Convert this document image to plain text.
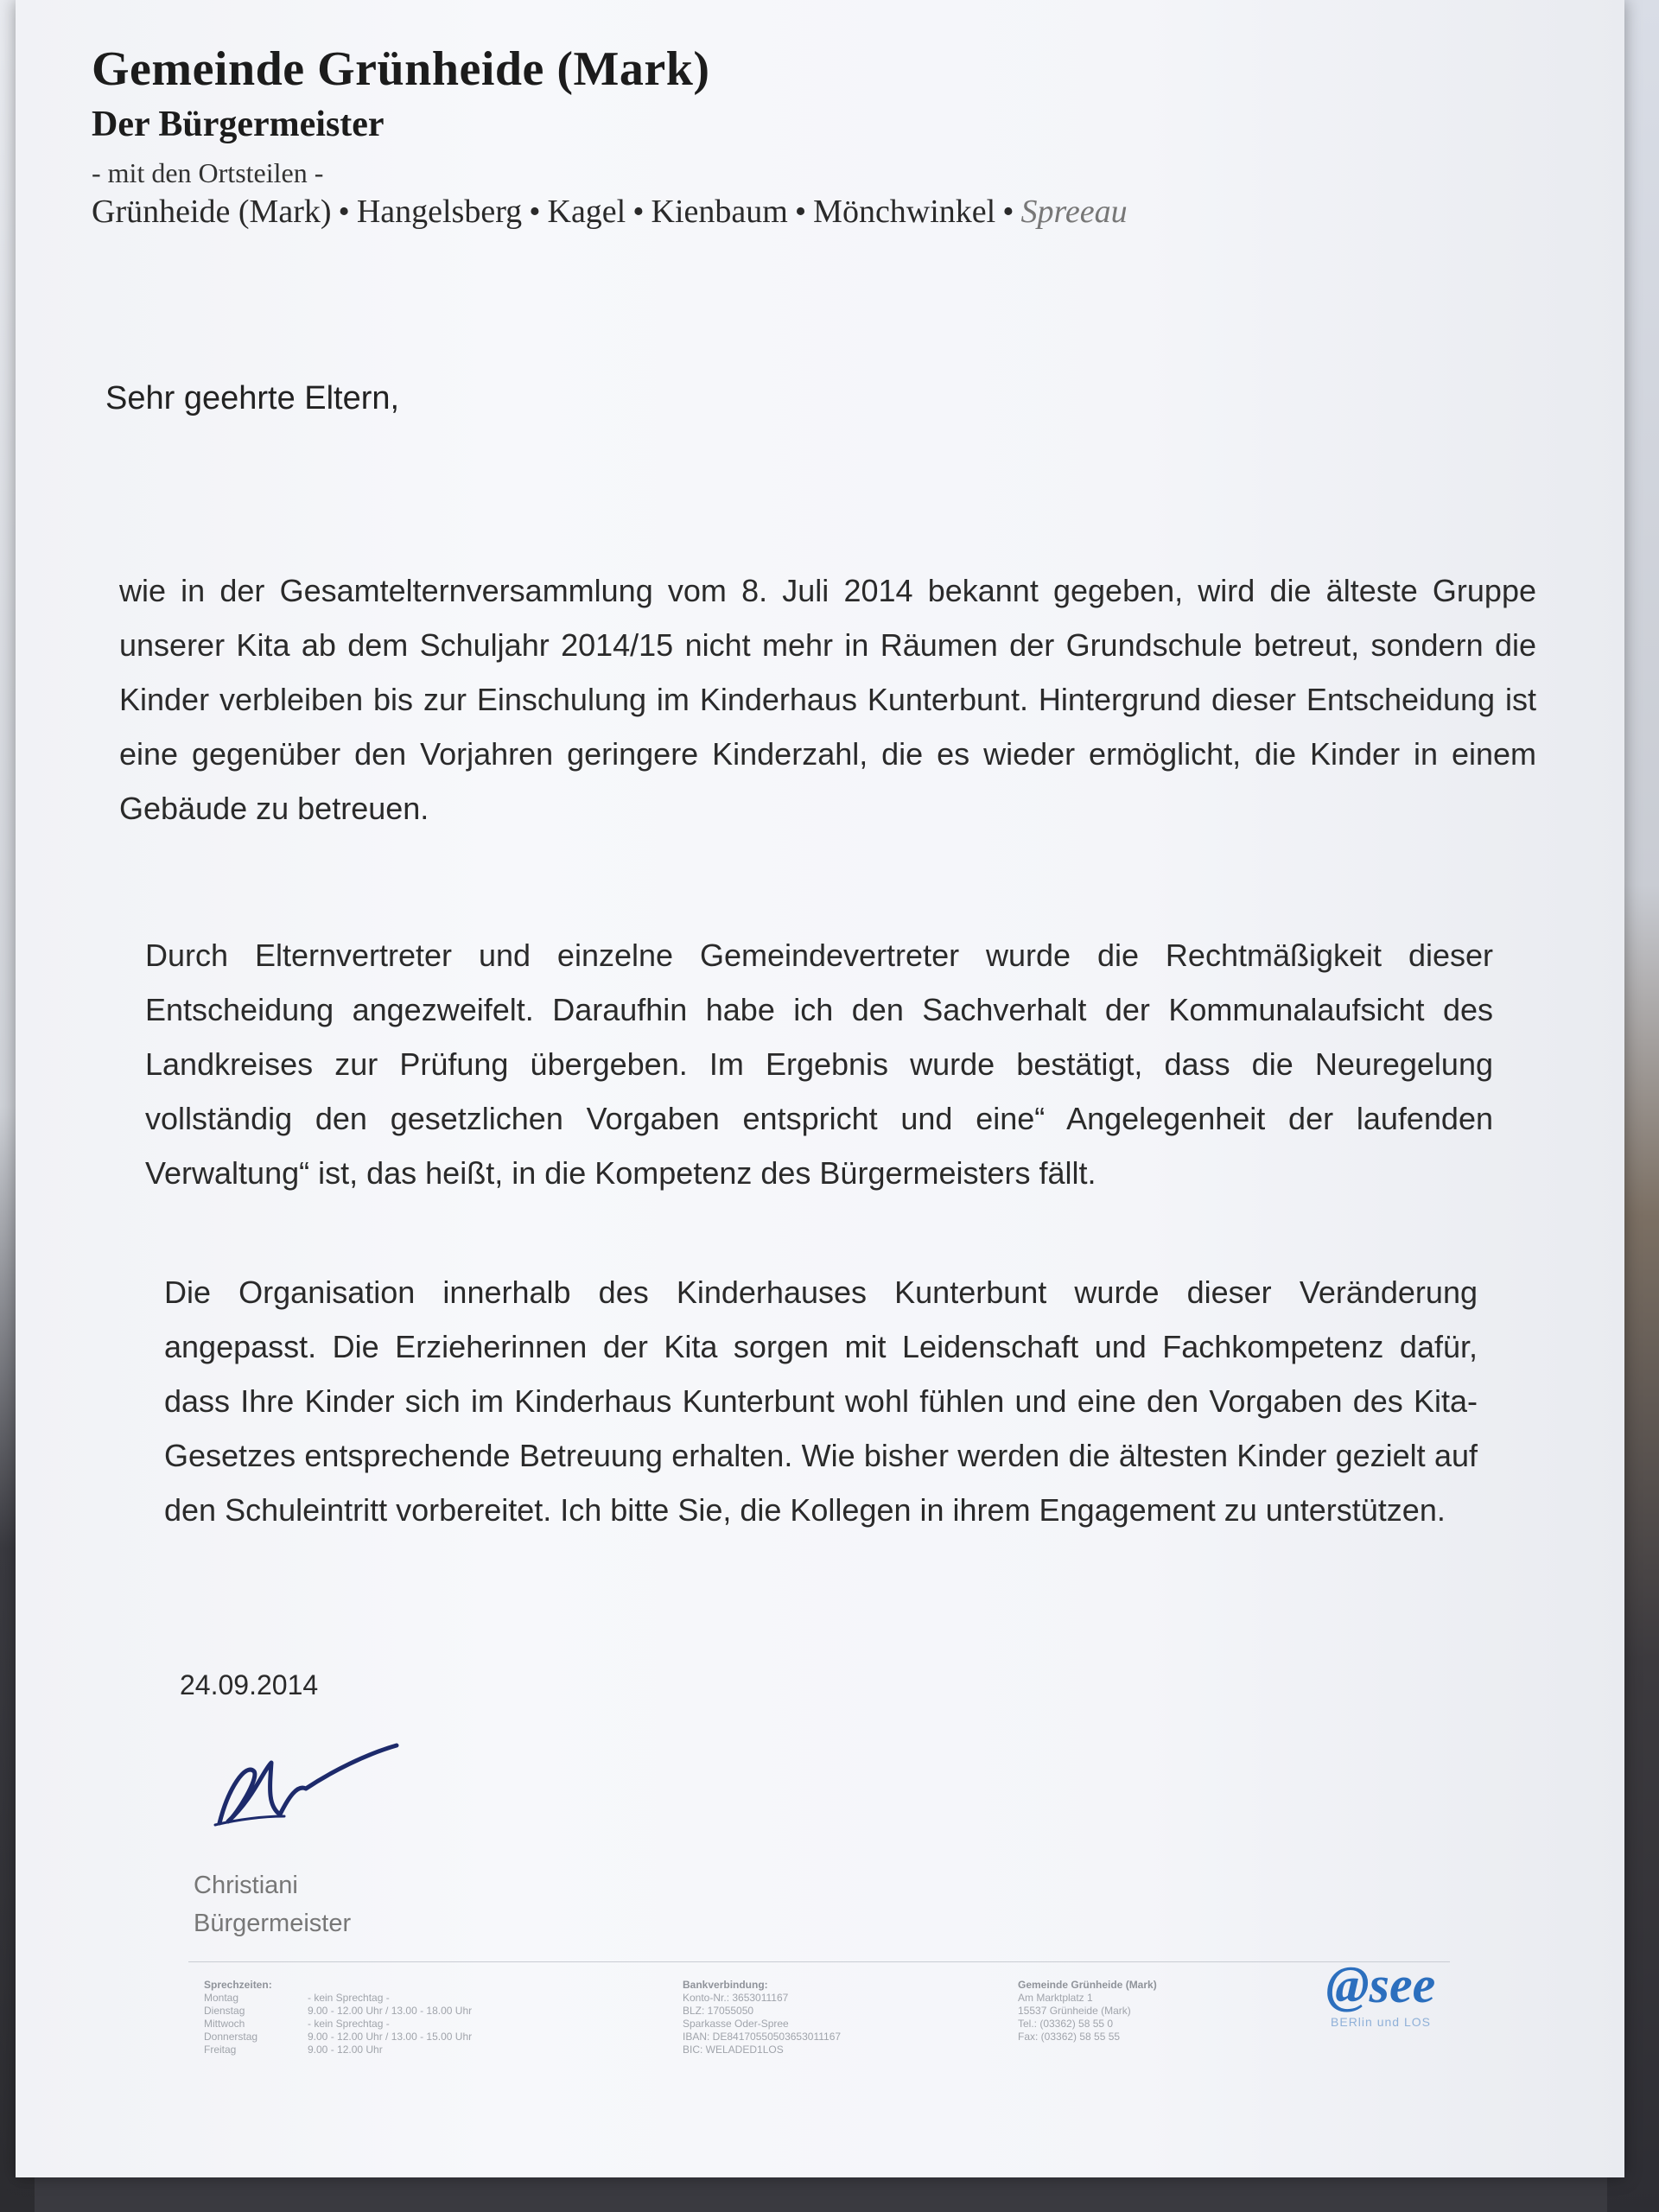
Gemeinde Grünheide (Mark)
Der Bürgermeister
- mit den Ortsteilen -
Grünheide (Mark) • Hangelsberg • Kagel • Kienbaum • Mönchwinkel • Spreeau
Sehr geehrte Eltern,

wie in der Gesamtelternversammlung vom 8. Juli 2014 bekannt gegeben, wird die älteste Gruppe unserer Kita ab dem Schuljahr 2014/15 nicht mehr in Räumen der Grundschule betreut, sondern die Kinder verbleiben bis zur Einschulung im Kinderhaus Kunterbunt. Hintergrund dieser Entscheidung ist eine gegenüber den Vorjahren geringere Kinderzahl, die es wieder ermöglicht, die Kinder in einem Gebäude zu betreuen.

Durch Elternvertreter und einzelne Gemeindevertreter wurde die Rechtmäßigkeit dieser Entscheidung angezweifelt. Daraufhin habe ich den Sachverhalt der Kommunalaufsicht des Landkreises zur Prüfung übergeben. Im Ergebnis wurde bestätigt, dass die Neuregelung vollständig den gesetzlichen Vorgaben entspricht und eine“ Angelegenheit der laufenden Verwaltung“ ist, das heißt, in die Kompetenz des Bürgermeisters fällt.

Die Organisation innerhalb des Kinderhauses Kunterbunt wurde dieser Veränderung angepasst. Die Erzieherinnen der Kita sorgen mit Leidenschaft und Fachkompetenz dafür, dass Ihre Kinder sich im Kinderhaus Kunterbunt wohl fühlen und eine den Vorgaben des Kita-Gesetzes entsprechende Betreuung erhalten. Wie bisher werden die ältesten Kinder gezielt auf den Schuleintritt vorbereitet. Ich bitte Sie, die Kollegen in ihrem Engagement zu unterstützen.

24.09.2014
Christiani
Bürgermeister
Sprechzeiten:
Montag	- kein Sprechtag -
Dienstag	9.00 - 12.00 Uhr / 13.00 - 18.00 Uhr
Mittwoch	- kein Sprechtag -
Donnerstag	9.00 - 12.00 Uhr / 13.00 - 15.00 Uhr
Freitag	9.00 - 12.00 Uhr
Bankverbindung:
Konto-Nr.: 3653011167
BLZ: 17055050
Sparkasse Oder-Spree
IBAN: DE84170550503653011167
BIC: WELADED1LOS
Gemeinde Grünheide (Mark)
Am Marktplatz 1
15537 Grünheide (Mark)
Tel.: (03362) 58 55 0
Fax: (03362) 58 55 55
@see
BERlin und LOS
